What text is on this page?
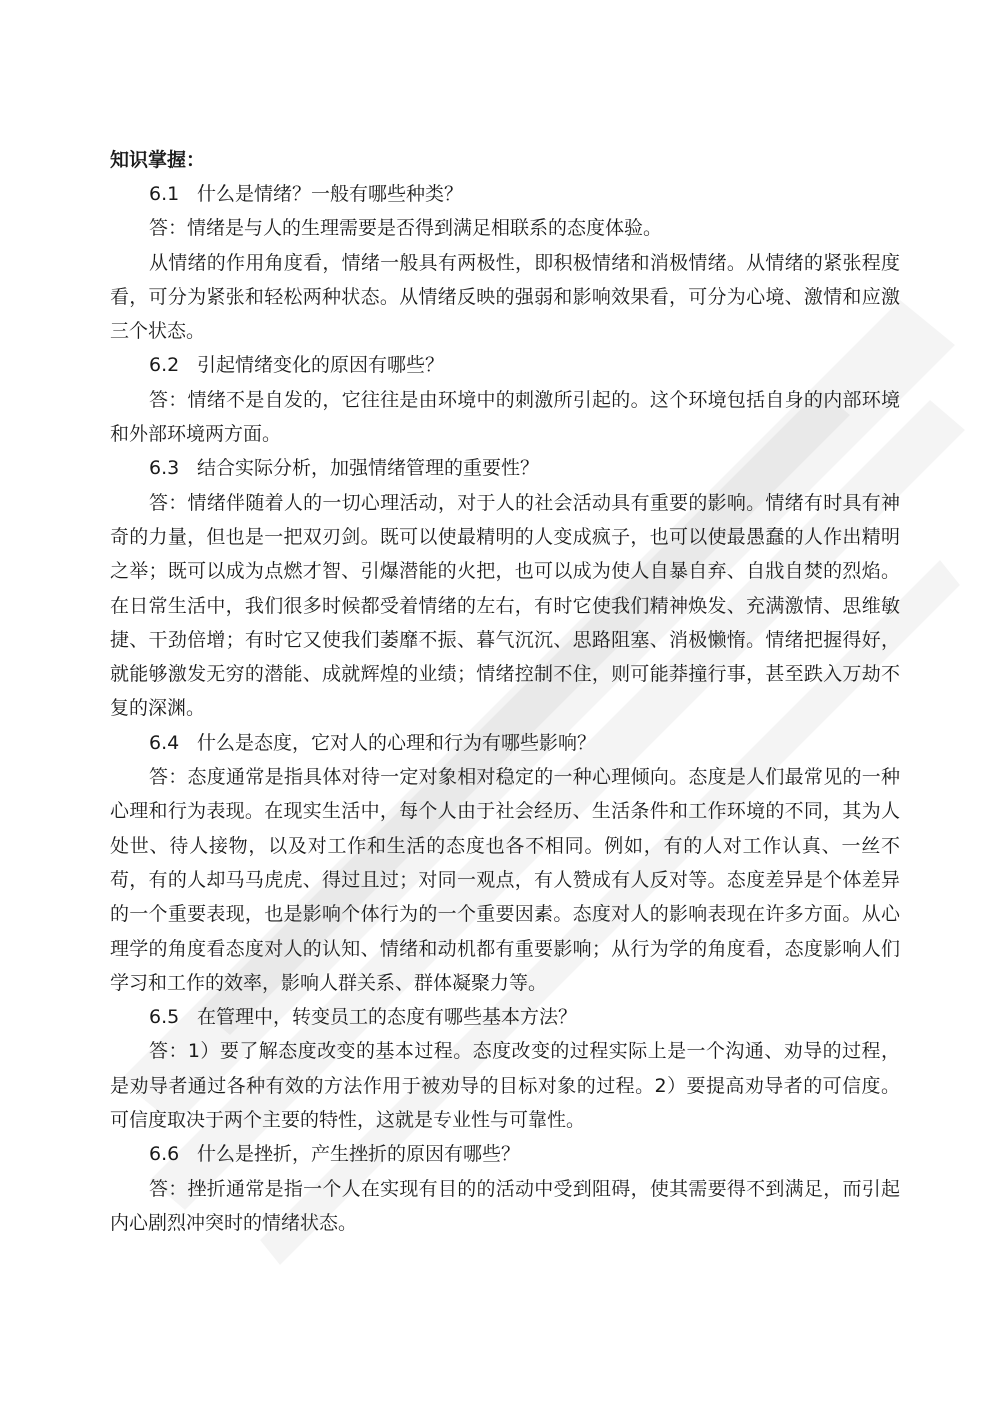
知识掌握：

6.1 什么是情绪？一般有哪些种类？

答：情绪是与人的生理需要是否得到满足相联系的态度体验。

从情绪的作用角度看，情绪一般具有两极性，即积极情绪和消极情绪。从情绪的紧张程度看，可分为紧张和轻松两种状态。从情绪反映的强弱和影响效果看，可分为心境、激情和应激三个状态。

6.2 引起情绪变化的原因有哪些？

答：情绪不是自发的，它往往是由环境中的刺激所引起的。这个环境包括自身的内部环境和外部环境两方面。

6.3 结合实际分析，加强情绪管理的重要性？

答：情绪伴随着人的一切心理活动，对于人的社会活动具有重要的影响。情绪有时具有神奇的力量，但也是一把双刃剑。既可以使最精明的人变成疯子，也可以使最愚蠢的人作出精明之举；既可以成为点燃才智、引爆潜能的火把，也可以成为使人自暴自弃、自戕自焚的烈焰。在日常生活中，我们很多时候都受着情绪的左右，有时它使我们精神焕发、充满激情、思维敏捷、干劲倍增；有时它又使我们萎靡不振、暮气沉沉、思路阻塞、消极懒惰。情绪把握得好，就能够激发无穷的潜能、成就辉煌的业绩；情绪控制不住，则可能莽撞行事，甚至跌入万劫不复的深渊。

6.4 什么是态度，它对人的心理和行为有哪些影响？

答：态度通常是指具体对待一定对象相对稳定的一种心理倾向。态度是人们最常见的一种心理和行为表现。在现实生活中，每个人由于社会经历、生活条件和工作环境的不同，其为人处世、待人接物，以及对工作和生活的态度也各不相同。例如，有的人对工作认真、一丝不苟，有的人却马马虎虎、得过且过；对同一观点，有人赞成有人反对等。态度差异是个体差异的一个重要表现，也是影响个体行为的一个重要因素。态度对人的影响表现在许多方面。从心理学的角度看态度对人的认知、情绪和动机都有重要影响；从行为学的角度看，态度影响人们学习和工作的效率，影响人群关系、群体凝聚力等。

6.5 在管理中，转变员工的态度有哪些基本方法？

答：1）要了解态度改变的基本过程。态度改变的过程实际上是一个沟通、劝导的过程，是劝导者通过各种有效的方法作用于被劝导的目标对象的过程。2）要提高劝导者的可信度。可信度取决于两个主要的特性，这就是专业性与可靠性。

6.6 什么是挫折，产生挫折的原因有哪些？

答：挫折通常是指一个人在实现有目的的活动中受到阻碍，使其需要得不到满足，而引起内心剧烈冲突时的情绪状态。
